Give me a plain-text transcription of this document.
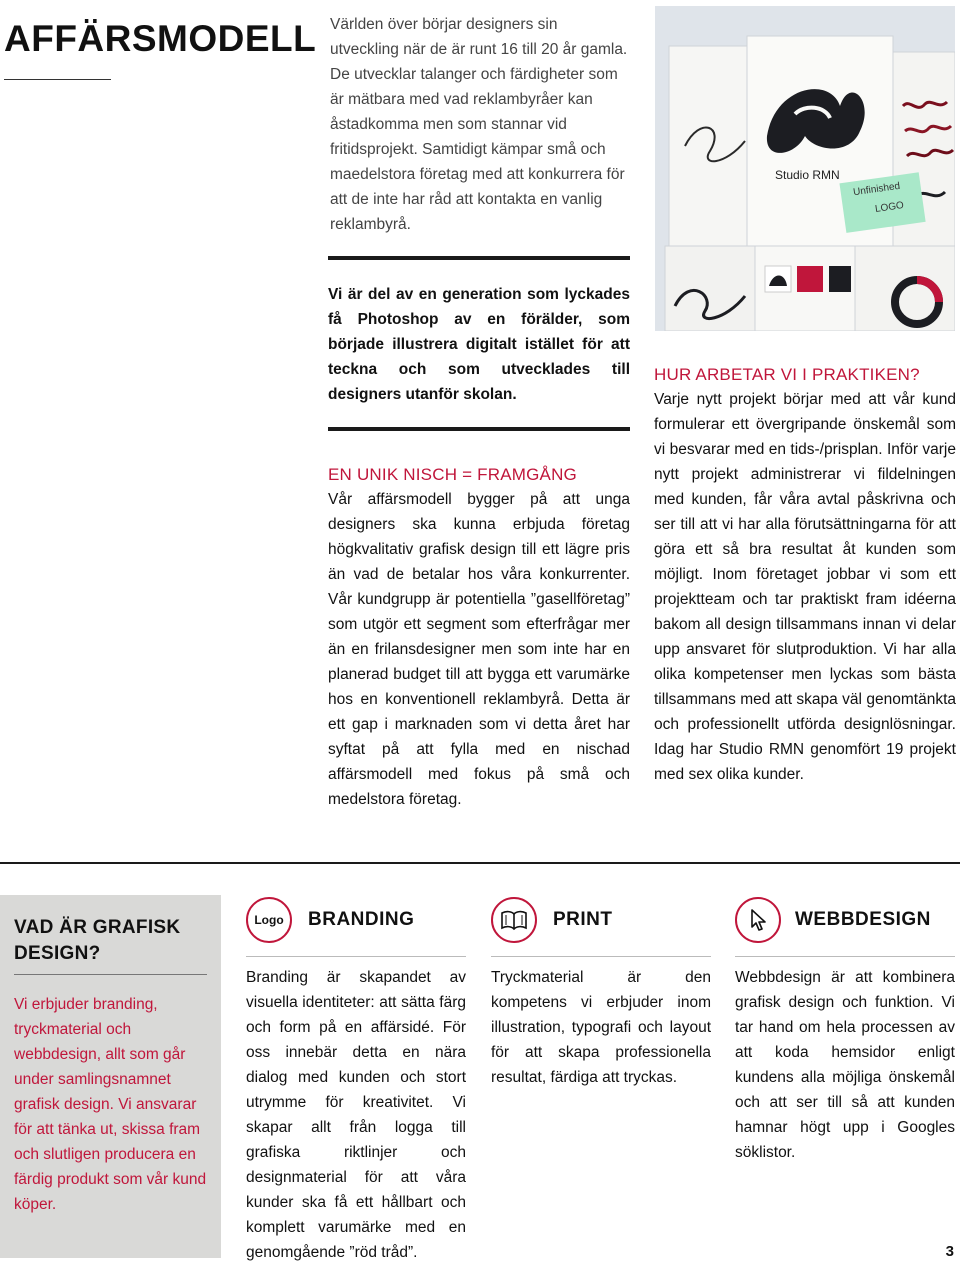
AFFÄRSMODELL Världen över börjar designers sin utveckling när de är runt 16 till 20 år gamla. De utvecklar talanger och färdigheter som är mätbara med vad reklambyråer kan åstadkomma men som stannar vid fritidsprojekt. Samtidigt kämpar små och maedelstora företag med att konkurrera för att de inte har råd att kontakta en vanlig reklambyrå.

Vi är del av en generation som lyckades få Photoshop av en förälder, som började illustrera digitalt istället för att teckna och som utvecklades till designers utanför skolan.

EN UNIK NISCH = FRAMGÅNG

Vår affärsmodell bygger på att unga designers ska kunna erbjuda företag högkvalitativ grafisk design till ett lägre pris än vad de betalar hos våra konkurrenter. Vår kundgrupp är potentiella ”gasellföretag” som utgör ett segment som efterfrågar mer än en frilansdesigner men som inte har en planerad budget till att bygga ett varumärke hos en konventionell reklambyrå. Detta är ett gap i marknaden som vi detta året har syftat på att fylla med en nischad affärsmodell med fokus på små och medelstora företag.

Studio RMN
Unfinished
LOGO

HUR ARBETAR VI I PRAKTIKEN?

Varje nytt projekt börjar med att vår kund formulerar ett övergripande önskemål som vi besvarar med en tids-/prisplan. Inför varje nytt projekt administrerar vi fildelningen med kunden, får våra avtal påskrivna och ser till att vi har alla förutsättningarna för att göra ett så bra resultat åt kunden som möjligt. Inom företaget jobbar vi som ett projektteam och tar praktiskt fram idéerna bakom all design tillsammans innan vi delar upp ansvaret för slutproduktion. Vi har alla olika kompetenser men lyckas som bästa tillsammans med att skapa väl genomtänkta och professionellt utförda designlösningar. Idag har Studio RMN genomfört 19 projekt med sex olika kunder.

VAD ÄR GRAFISK DESIGN?

Vi erbjuder branding, tryckmaterial och webbdesign, allt som går under samlingsnamnet grafisk design. Vi ansvarar för att tänka ut, skissa fram och slutligen producera en färdig produkt som vår kund köper.

Logo BRANDING

Branding är skapandet av visuella identiteter: att sätta färg och form på en affärsidé. För oss innebär detta en nära dialog med kunden och stort utrymme för kreativitet. Vi skapar allt från logga till grafiska riktlinjer och designmaterial för att våra kunder ska få ett hållbart och komplett varumärke med en genomgående ”röd tråd”.

PRINT

Tryckmaterial är den kompetens vi erbjuder inom illustration, typografi och layout för att skapa professionella resultat, färdiga att tryckas.

WEBBDESIGN

Webbdesign är att kombinera grafisk design och funktion. Vi tar hand om hela processen av att koda hemsidor enligt kundens alla möjliga önskemål och att ser till så att kunden hamnar högt upp i Googles söklistor.

3
